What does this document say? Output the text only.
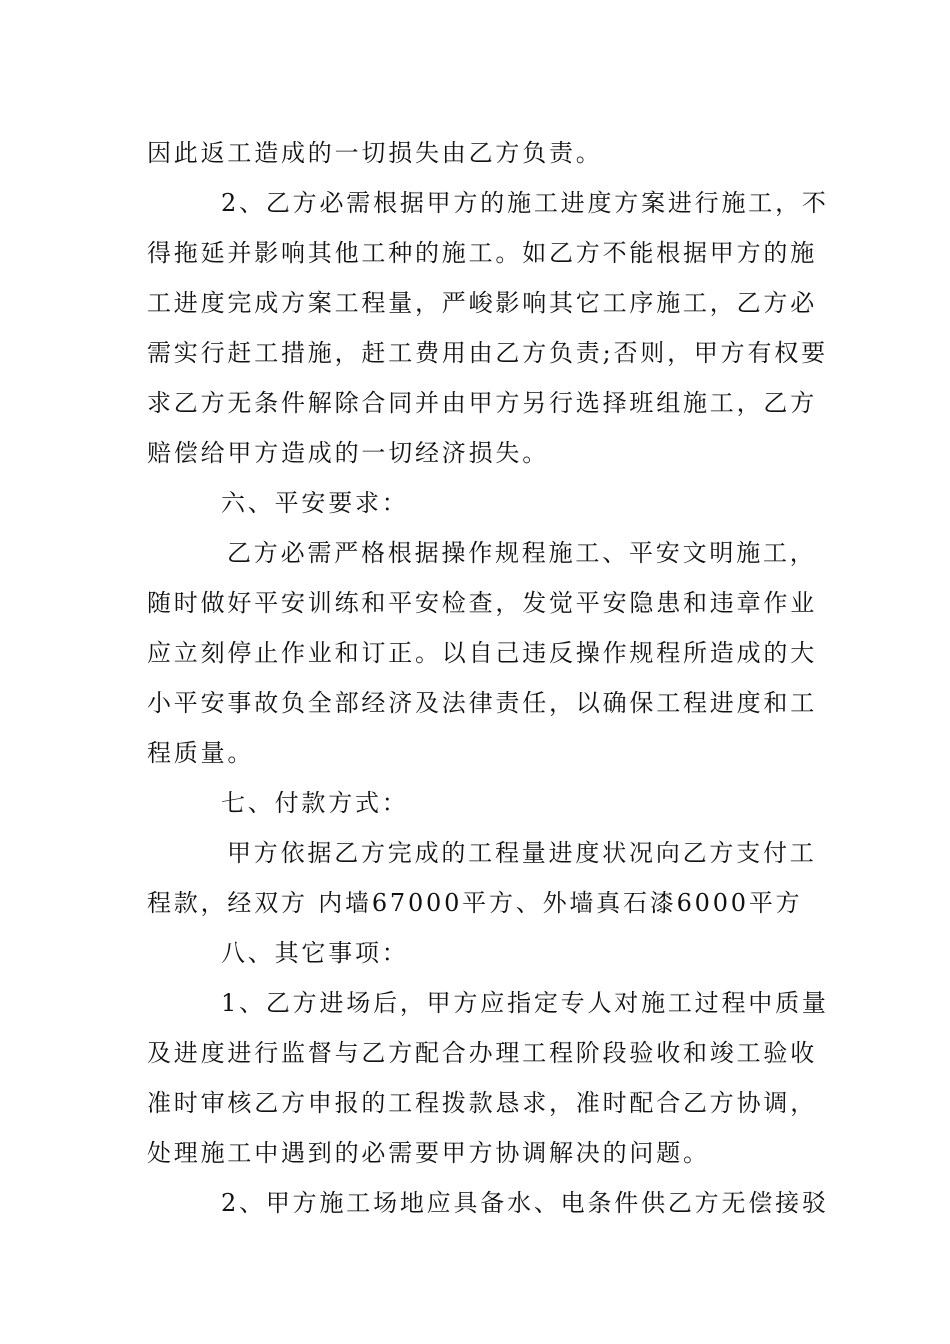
因此返工造成的一切损失由乙方负责。
2、乙方必需根据甲方的施工进度方案进行施工，不
得拖延并影响其他工种的施工。如乙方不能根据甲方的施
工进度完成方案工程量，严峻影响其它工序施工，乙方必
需实行赶工措施，赶工费用由乙方负责;否则，甲方有权要
求乙方无条件解除合同并由甲方另行选择班组施工，乙方
赔偿给甲方造成的一切经济损失。
六、平安要求：
乙方必需严格根据操作规程施工、平安文明施工，
随时做好平安训练和平安检查，发觉平安隐患和违章作业
应立刻停止作业和订正。以自己违反操作规程所造成的大
小平安事故负全部经济及法律责任，以确保工程进度和工
程质量。
七、付款方式：
甲方依据乙方完成的工程量进度状况向乙方支付工
程款，经双方 内墙67000平方、外墙真石漆6000平方
八、其它事项：
1、乙方进场后，甲方应指定专人对施工过程中质量
及进度进行监督与乙方配合办理工程阶段验收和竣工验收
准时审核乙方申报的工程拨款恳求，准时配合乙方协调，
处理施工中遇到的必需要甲方协调解决的问题。
2、甲方施工场地应具备水、电条件供乙方无偿接驳
